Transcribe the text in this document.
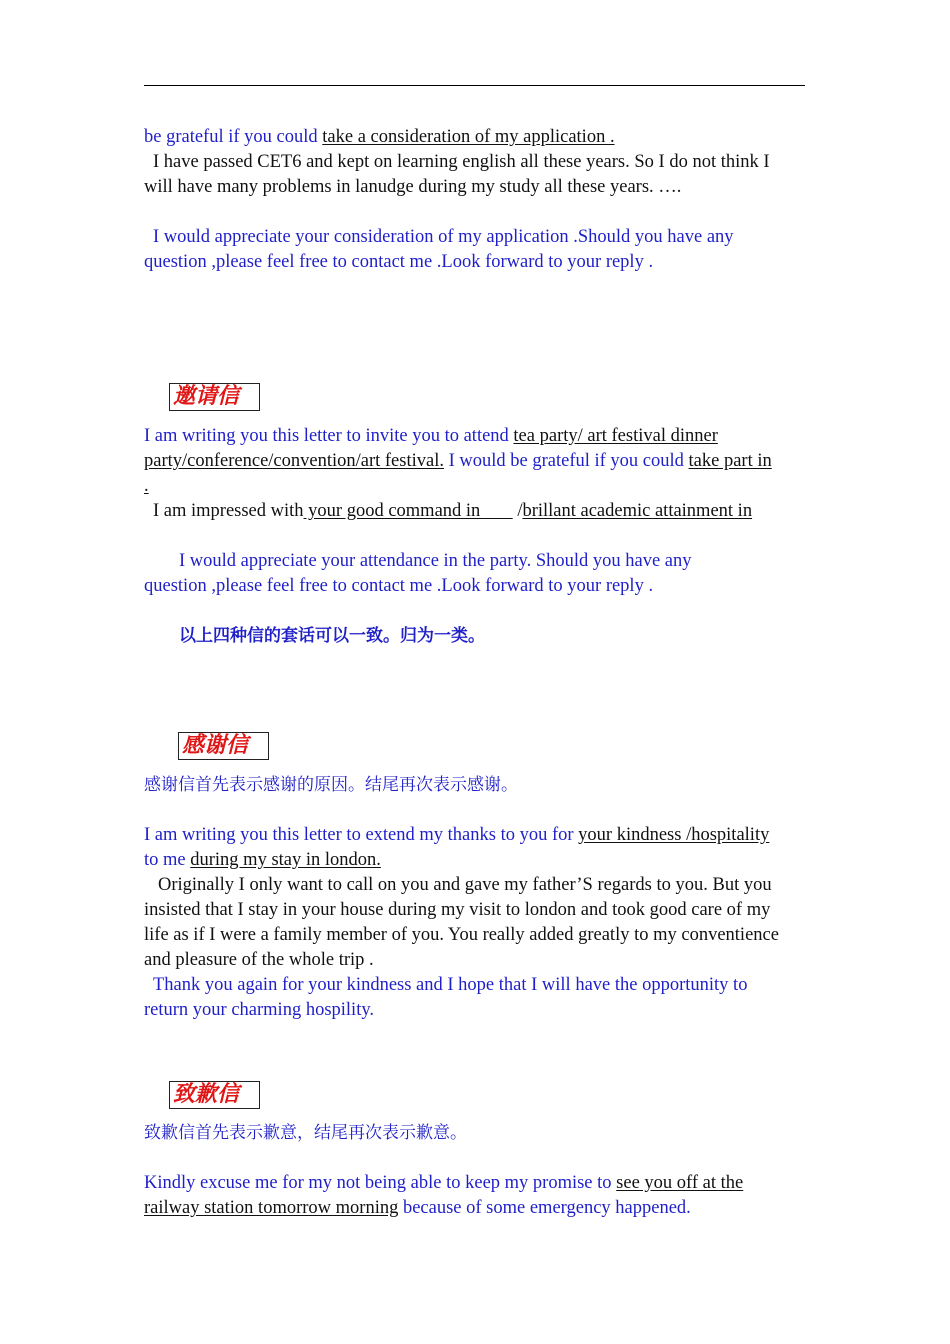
be grateful if you could take a consideration of my application .
I have passed CET6 and kept on learning english all these years. So I do not think I
will have many problems in lanudge during my study all these years. ….
I would appreciate your consideration of my application .Should you have any
question ,please feel free to contact me .Look forward to your reply .
邀请信
I am writing you this letter to invite you to attend tea party/ art festival dinner
party/conference/convention/art festival. I would be grateful if you could take part in
.
I am impressed with your good command in        /brillant academic attainment in
I would appreciate your attendance in the party. Should you have any
question ,please feel free to contact me .Look forward to your reply .
以上四种信的套话可以一致。归为一类。
感谢信
感谢信首先表示感谢的原因。结尾再次表示感谢。
I am writing you this letter to extend my thanks to you for your kindness /hospitality
to me during my stay in london.
Originally I only want to call on you and gave my father’S regards to you. But you
insisted that I stay in your house during my visit to london and took good care of my
life as if I were a family member of you. You really added greatly to my conventience
and pleasure of the whole trip .
Thank you again for your kindness and I hope that I will have the opportunity to
return your charming hospility.
致歉信
致歉信首先表示歉意，结尾再次表示歉意。
Kindly excuse me for my not being able to keep my promise to see you off at the
railway station tomorrow morning because of some emergency happened.
